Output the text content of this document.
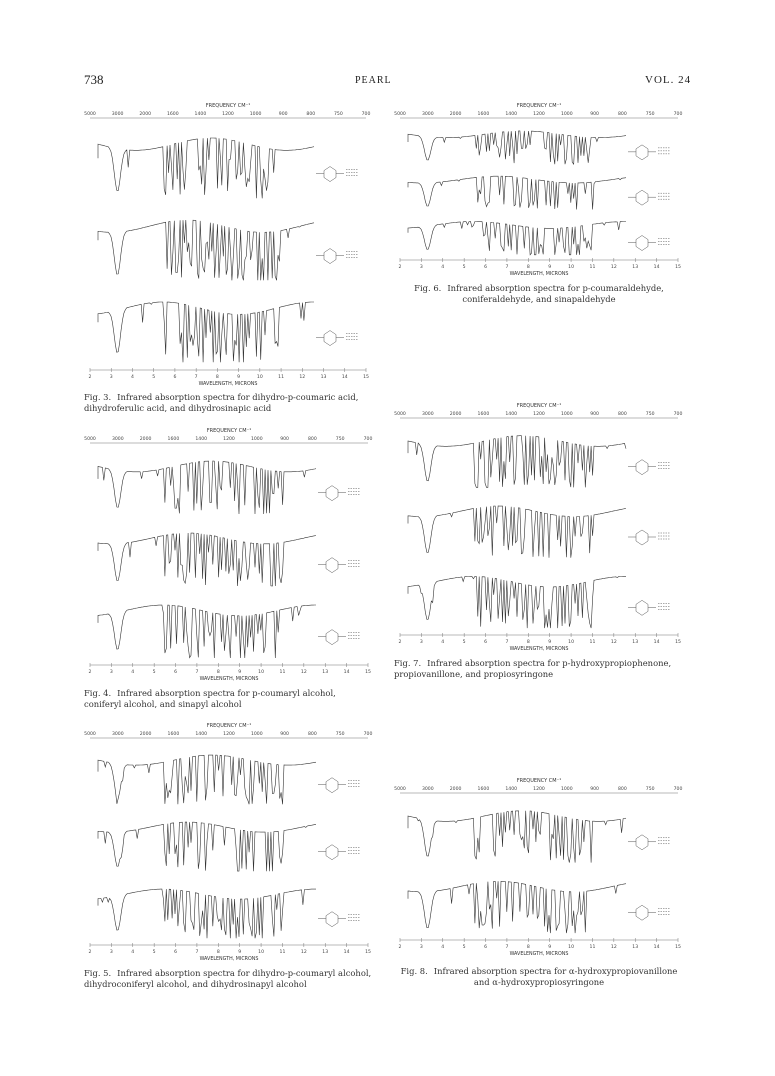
738	PEARL	VOL. 24
FREQUENCY CM⁻¹
5000	3000	2000	1600	1400	1200	1000	900	800	750	700
2	3	4	5	6	7	8	9	10	11	12	13	14	15
WAVELENGTH, MICRONS
Fig. 3. Infrared absorption spectra for dihydro-p-coumaric acid, dihydroferulic acid, and dihydrosinapic acid
FREQUENCY CM⁻¹
5000	3000	2000	1600	1400	1200	1000	900	800	750	700
2	3	4	5	6	7	8	9	10	11	12	13	14	15
WAVELENGTH, MICRONS
Fig. 6. Infrared absorption spectra for p-coumaraldehyde, coniferaldehyde, and sinapaldehyde
FREQUENCY CM⁻¹
5000	3000	2000	1600	1400	1200	1000	900	800	750	700
2	3	4	5	6	7	8	9	10	11	12	13	14	15
WAVELENGTH, MICRONS
Fig. 4. Infrared absorption spectra for p-coumaryl alcohol, coniferyl alcohol, and sinapyl alcohol
FREQUENCY CM⁻¹
5000	3000	2000	1600	1400	1200	1000	900	800	750	700
2	3	4	5	6	7	8	9	10	11	12	13	14	15
WAVELENGTH, MICRONS
Fig. 7. Infrared absorption spectra for p-hydroxypropiophenone, propiovanillone, and propiosyringone
FREQUENCY CM⁻¹
5000	3000	2000	1600	1400	1200	1000	900	800	750	700
2	3	4	5	6	7	8	9	10	11	12	13	14	15
WAVELENGTH, MICRONS
Fig. 5. Infrared absorption spectra for dihydro-p-coumaryl alcohol, dihydroconiferyl alcohol, and dihydrosinapyl alcohol
FREQUENCY CM⁻¹
5000	3000	2000	1600	1400	1200	1000	900	800	750	700
2	3	4	5	6	7	8	9	10	11	12	13	14	15
WAVELENGTH, MICRONS
Fig. 8. Infrared absorption spectra for α-hydroxypropiovanillone and α-hydroxypropiosyringone
